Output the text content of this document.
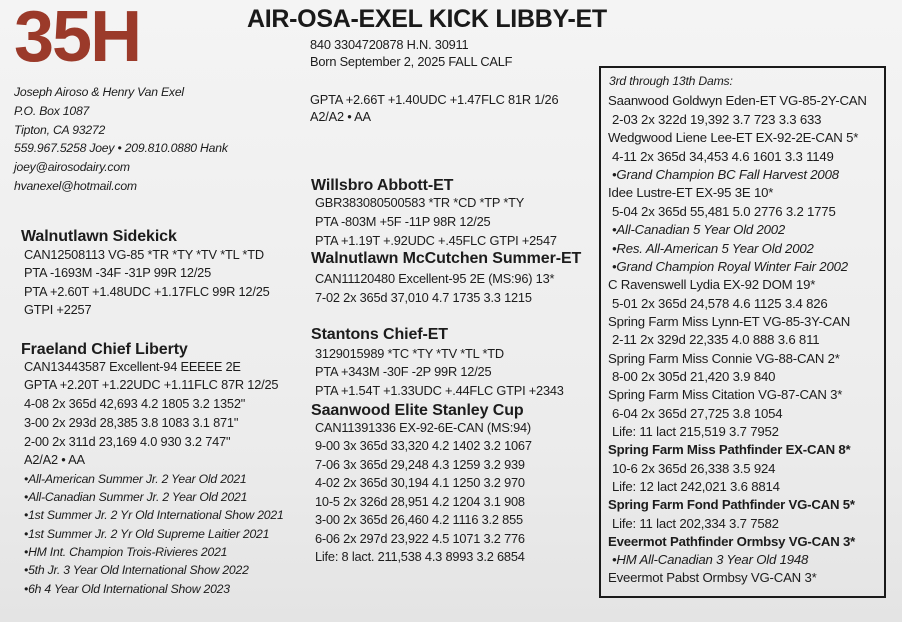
35H	AIR-OSA-EXEL KICK LIBBY-ET
840 3304720878 H.N. 30911
Born September 2, 2025 FALL CALF
GPTA +2.66T +1.40UDC +1.47FLC 81R 1/26
A2/A2 • AA
Joseph Airoso & Henry Van Exel
P.O. Box 1087
Tipton, CA 93272
559.967.5258 Joey • 209.810.0880 Hank
joey@airosodairy.com
hvanexel@hotmail.com
Walnutlawn Sidekick
CAN12508113 VG-85 *TR *TY *TV *TL *TD
PTA -1693M -34F -31P 99R 12/25
PTA +2.60T +1.48UDC +1.17FLC 99R 12/25
GTPI +2257
Fraeland Chief Liberty
CAN13443587 Excellent-94 EEEEE 2E
GPTA +2.20T +1.22UDC +1.11FLC 87R 12/25
4-08 2x 365d 42,693 4.2 1805 3.2 1352"
3-00 2x 293d 28,385 3.8 1083 3.1 871"
2-00 2x 311d 23,169 4.0 930 3.2 747"
A2/A2 • AA
•All-American Summer Jr. 2 Year Old 2021
•All-Canadian Summer Jr. 2 Year Old 2021
•1st Summer Jr. 2 Yr Old International Show 2021
•1st Summer Jr. 2 Yr Old Supreme Laitier 2021
•HM Int. Champion Trois-Rivieres 2021
•5th Jr. 3 Year Old International Show 2022
•6h 4 Year Old International Show 2023
Willsbro Abbott-ET
GBR383080500583 *TR *CD *TP *TY
PTA -803M +5F -11P 98R 12/25
PTA +1.19T +.92UDC +.45FLC GTPI +2547
Walnutlawn McCutchen Summer-ET
CAN11120480 Excellent-95 2E (MS:96) 13*
7-02 2x 365d 37,010 4.7 1735 3.3 1215
Stantons Chief-ET
3129015989 *TC *TY *TV *TL *TD
PTA +343M -30F -2P 99R 12/25
PTA +1.54T +1.33UDC +.44FLC GTPI +2343
Saanwood Elite Stanley Cup
CAN11391336 EX-92-6E-CAN (MS:94)
9-00 3x 365d 33,320 4.2 1402 3.2 1067
7-06 3x 365d 29,248 4.3 1259 3.2 939
4-02 2x 365d 30,194 4.1 1250 3.2 970
10-5 2x 326d 28,951 4.2 1204 3.1 908
3-00 2x 365d 26,460 4.2 1116 3.2 855
6-06 2x 297d 23,922 4.5 1071 3.2 776
Life: 8 lact. 211,538 4.3 8993 3.2 6854
3rd through 13th Dams:
Saanwood Goldwyn Eden-ET VG-85-2Y-CAN
2-03 2x 322d 19,392 3.7 723 3.3 633
Wedgwood Liene Lee-ET EX-92-2E-CAN 5*
4-11 2x 365d 34,453 4.6 1601 3.3 1149
•Grand Champion BC Fall Harvest 2008
Idee Lustre-ET EX-95 3E 10*
5-04 2x 365d 55,481 5.0 2776 3.2 1775
•All-Canadian 5 Year Old 2002
•Res. All-American 5 Year Old 2002
•Grand Champion Royal Winter Fair 2002
C Ravenswell Lydia EX-92 DOM 19*
5-01 2x 365d 24,578 4.6 1125 3.4 826
Spring Farm Miss Lynn-ET VG-85-3Y-CAN
2-11 2x 329d 22,335 4.0 888 3.6 811
Spring Farm Miss Connie VG-88-CAN 2*
8-00 2x 305d 21,420 3.9 840
Spring Farm Miss Citation VG-87-CAN 3*
6-04 2x 365d 27,725 3.8 1054
Life: 11 lact 215,519 3.7 7952
Spring Farm Miss Pathfinder EX-CAN 8*
10-6 2x 365d 26,338 3.5 924
Life: 12 lact 242,021 3.6 8814
Spring Farm Fond Pathfinder VG-CAN 5*
Life: 11 lact 202,334 3.7 7582
Eveermot Pathfinder Ormbsy VG-CAN 3*
•HM All-Canadian 3 Year Old 1948
Eveermot Pabst Ormbsy VG-CAN 3*
